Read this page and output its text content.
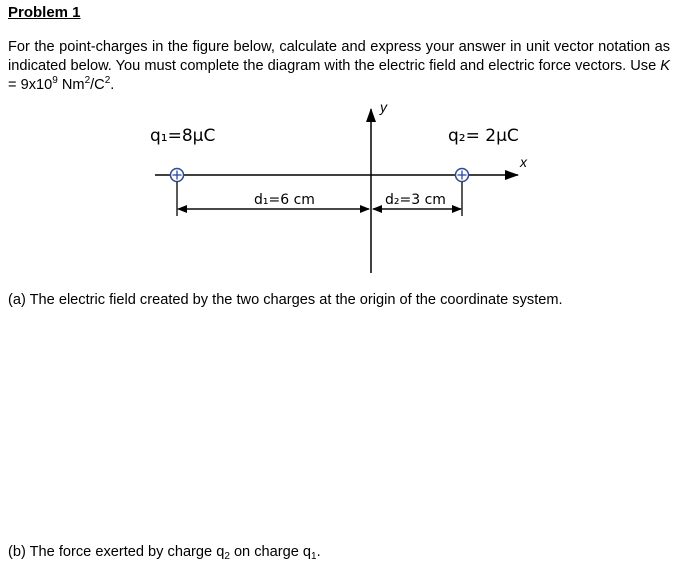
Problem 1
For the point-charges in the figure below, calculate and express your answer in unit vector notation as indicated below. You must complete the diagram with the electric field and electric force vectors. Use $K = 9x10^9$ $Nm^2/C^2$.
x
y
q₁=8μC	q₂= 2μC
d₁=6 cm	d₂=3 cm
(a) The electric field created by the two charges at the origin of the coordinate system.
(b) The force exerted by charge $q_2$ on charge $q_1$.
